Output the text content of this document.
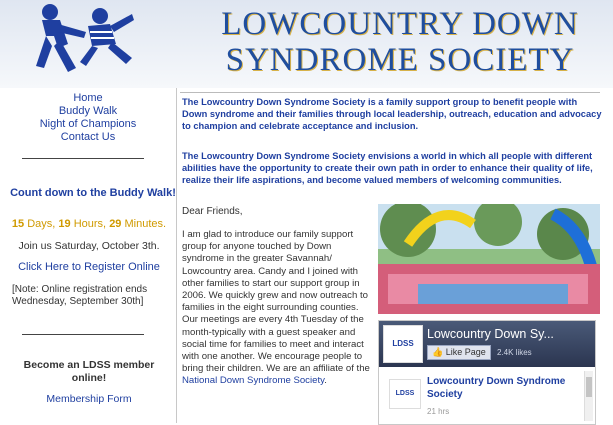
LOWCOUNTRY DOWN SYNDROME SOCIETY
Home
Buddy Walk
Night of Champions
Contact Us
Count down to the Buddy Walk!
15 Days, 19 Hours, 29 Minutes.
Join us Saturday, October 3th.
Click Here to Register Online
[Note: Online registration ends Wednesday, September 30th]
Become an LDSS member online!
Membership Form
The Lowcountry Down Syndrome Society is a family support group to benefit people with Down syndrome and their families through local leadership, outreach, education and advocacy to champion and celebrate acceptance and inclusion.
The Lowcountry Down Syndrome Society envisions a world in which all people with different abilities have the opportunity to create their own path in order to enhance their quality of life, realize their life aspirations, and become valued members of welcoming communities.
Dear Friends,
I am glad to introduce our family support group for anyone touched by Down syndrome in the greater Savannah/ Lowcountry area. Candy and I joined with other families to start our support group in 2006. We quickly grew and now outreach to families in the eight surrounding counties. Our meetings are every 4th Tuesday of the month-typically with a guest speaker and social time for families to meet and interact with one another. We encourage people to bring their children. We are an affiliate of the National Down Syndrome Society.
LDSS
Lowcountry Down Sy...
👍 Like Page	2.4K likes
LDSS
Lowcountry Down Syndrome Society
21 hrs
